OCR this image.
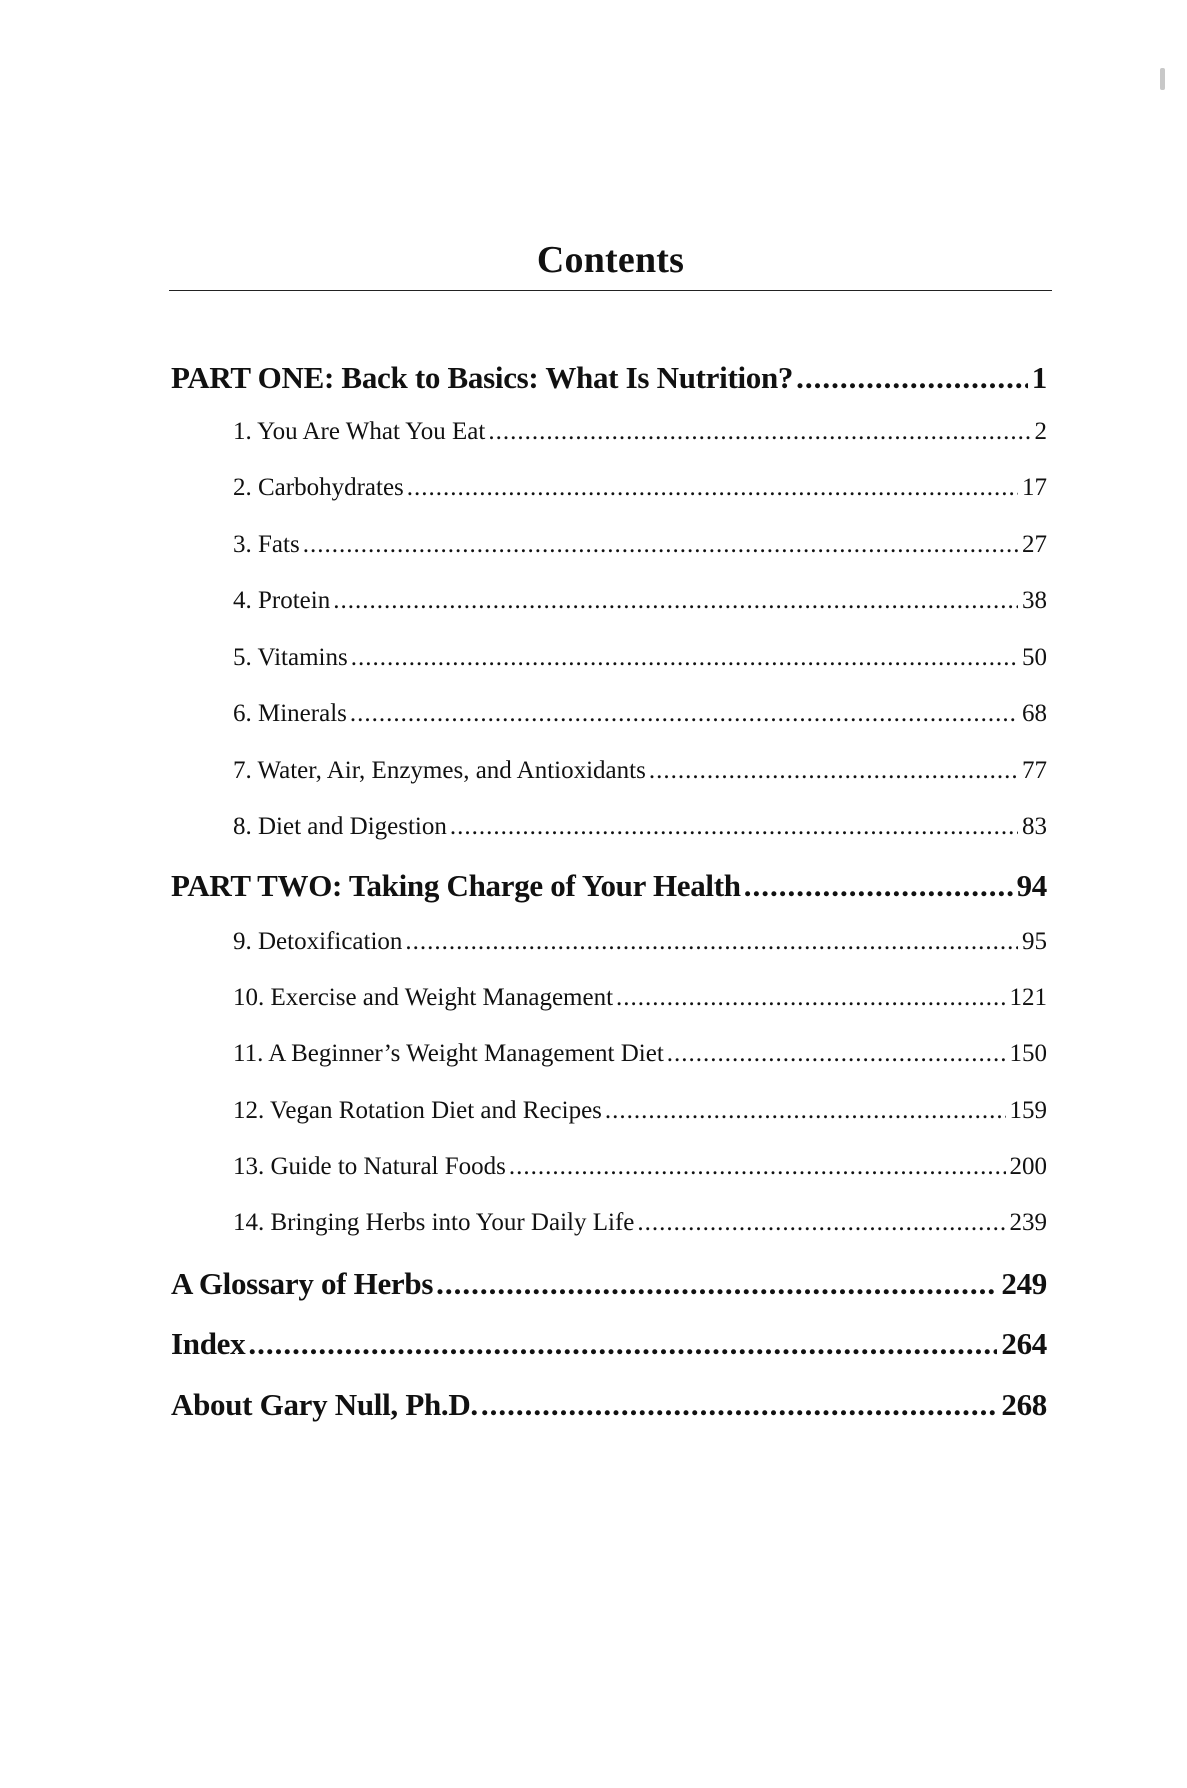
Contents
PART ONE: Back to Basics: What Is Nutrition? .....	1
1. You Are What You Eat .....	2
2. Carbohydrates .....	17
3. Fats .....	27
4. Protein .....	38
5. Vitamins .....	50
6. Minerals .....	68
7. Water, Air, Enzymes, and Antioxidants .....	77
8. Diet and Digestion .....	83
PART TWO: Taking Charge of Your Health .....	94
9. Detoxification .....	95
10. Exercise and Weight Management .....	121
11. A Beginner’s Weight Management Diet .....	150
12. Vegan Rotation Diet and Recipes .....	159
13. Guide to Natural Foods .....	200
14. Bringing Herbs into Your Daily Life .....	239
A Glossary of Herbs .....	249
Index .....	264
About Gary Null, Ph.D. .....	268
